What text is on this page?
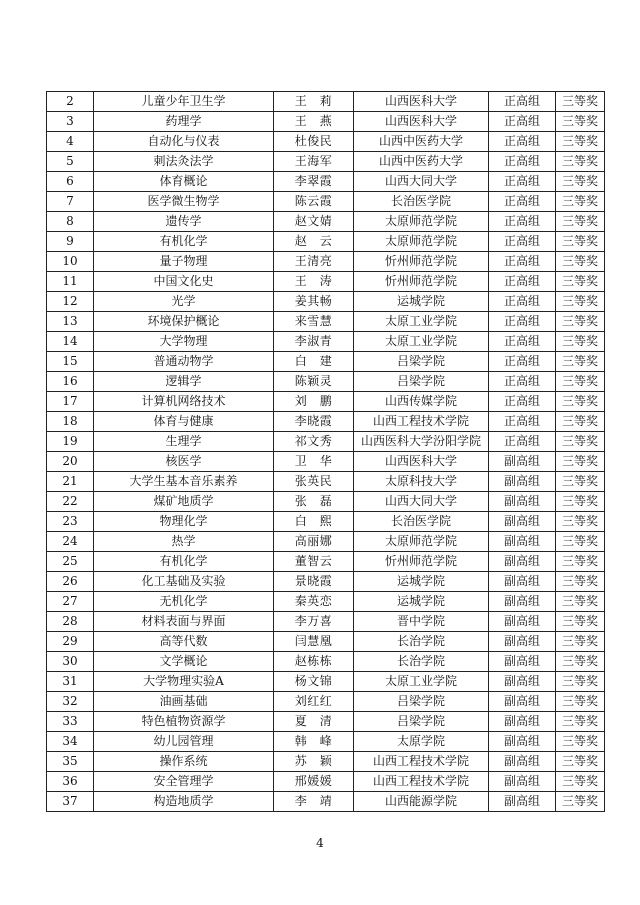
2	儿童少年卫生学	王　莉	山西医科大学	正高组	三等奖
3	药理学	王　燕	山西医科大学	正高组	三等奖
4	自动化与仪表	杜俊民	山西中医药大学	正高组	三等奖
5	刺法灸法学	王海军	山西中医药大学	正高组	三等奖
6	体育概论	李翠霞	山西大同大学	正高组	三等奖
7	医学微生物学	陈云霞	长治医学院	正高组	三等奖
8	遗传学	赵文婧	太原师范学院	正高组	三等奖
9	有机化学	赵　云	太原师范学院	正高组	三等奖
10	量子物理	王清亮	忻州师范学院	正高组	三等奖
11	中国文化史	王　涛	忻州师范学院	正高组	三等奖
12	光学	姜其畅	运城学院	正高组	三等奖
13	环境保护概论	来雪慧	太原工业学院	正高组	三等奖
14	大学物理	李淑青	太原工业学院	正高组	三等奖
15	普通动物学	白　建	吕梁学院	正高组	三等奖
16	逻辑学	陈颖灵	吕梁学院	正高组	三等奖
17	计算机网络技术	刘　鹏	山西传媒学院	正高组	三等奖
18	体育与健康	李晓霞	山西工程技术学院	正高组	三等奖
19	生理学	祁文秀	山西医科大学汾阳学院	正高组	三等奖
20	核医学	卫　华	山西医科大学	副高组	三等奖
21	大学生基本音乐素养	张英民	太原科技大学	副高组	三等奖
22	煤矿地质学	张　磊	山西大同大学	副高组	三等奖
23	物理化学	白　熙	长治医学院	副高组	三等奖
24	热学	高丽娜	太原师范学院	副高组	三等奖
25	有机化学	董智云	忻州师范学院	副高组	三等奖
26	化工基础及实验	景晓霞	运城学院	副高组	三等奖
27	无机化学	秦英恋	运城学院	副高组	三等奖
28	材料表面与界面	李万喜	晋中学院	副高组	三等奖
29	高等代数	闫慧凰	长治学院	副高组	三等奖
30	文学概论	赵栋栋	长治学院	副高组	三等奖
31	大学物理实验A	杨文锦	太原工业学院	副高组	三等奖
32	油画基础	刘红红	吕梁学院	副高组	三等奖
33	特色植物资源学	夏　清	吕梁学院	副高组	三等奖
34	幼儿园管理	韩　峰	太原学院	副高组	三等奖
35	操作系统	苏　颖	山西工程技术学院	副高组	三等奖
36	安全管理学	邢媛媛	山西工程技术学院	副高组	三等奖
37	构造地质学	李　靖	山西能源学院	副高组	三等奖
4
